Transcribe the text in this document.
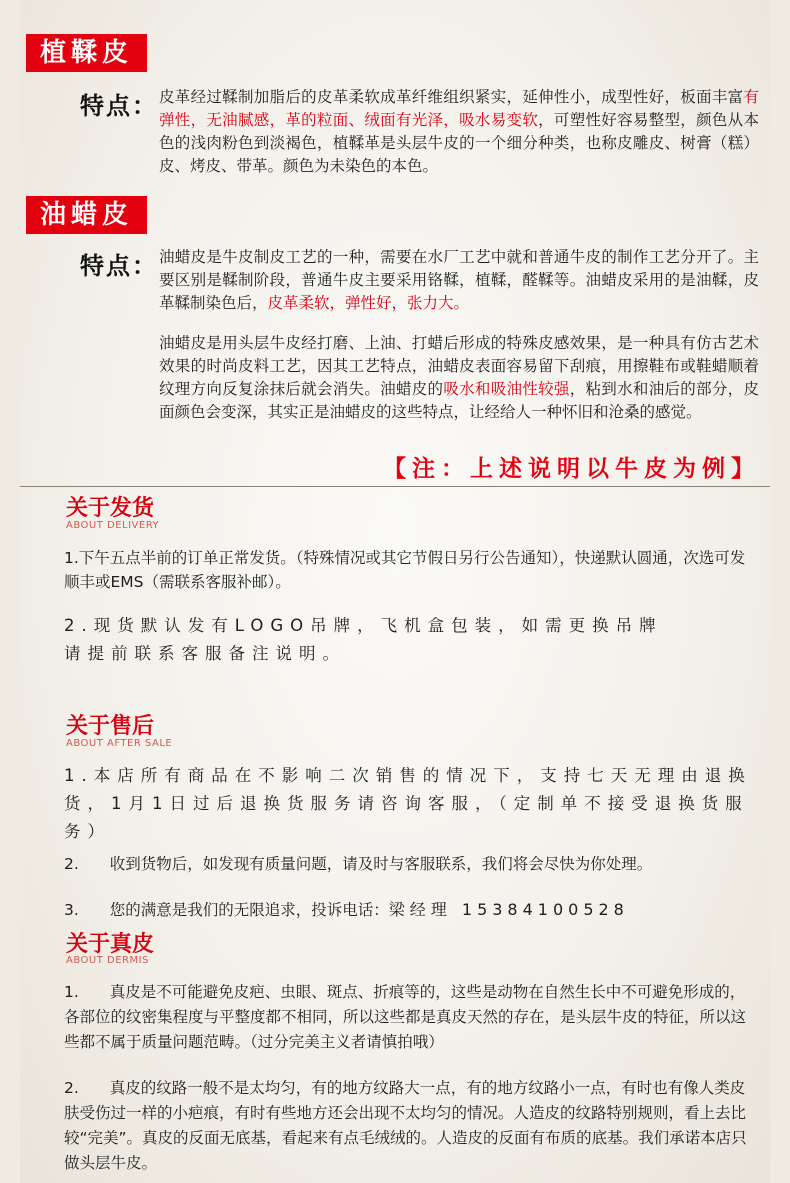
植鞣皮
特点： 皮革经过鞣制加脂后的皮革柔软成革纤维组织紧实，延伸性小，成型性好，板面丰富有弹性，无油腻感，革的粒面、绒面有光泽，吸水易变软，可塑性好容易整型，颜色从本色的浅肉粉色到淡褐色，植鞣革是头层牛皮的一个细分种类，也称皮雕皮、树膏（糕）皮、烤皮、带革。颜色为未染色的本色。

油蜡皮
特点： 油蜡皮是牛皮制皮工艺的一种，需要在水厂工艺中就和普通牛皮的制作工艺分开了。主要区别是鞣制阶段，普通牛皮主要采用铬鞣，植鞣，醛鞣等。油蜡皮采用的是油鞣，皮革鞣制染色后，皮革柔软，弹性好，张力大。

油蜡皮是用头层牛皮经打磨、上油、打蜡后形成的特殊皮感效果，是一种具有仿古艺术效果的时尚皮料工艺，因其工艺特点，油蜡皮表面容易留下刮痕，用擦鞋布或鞋蜡顺着纹理方向反复涂抹后就会消失。油蜡皮的吸水和吸油性较强，粘到水和油后的部分，皮面颜色会变深，其实正是油蜡皮的这些特点，让经给人一种怀旧和沧桑的感觉。

【注：上述说明以牛皮为例】
关于发货
ABOUT DELIVERY

1.下午五点半前的订单正常发货。（特殊情况或其它节假日另行公告通知），快递默认圆通，次选可发顺丰或EMS（需联系客服补邮）。

2.现货默认发有LOGO吊牌，飞机盒包装，如需更换吊牌请提前联系客服备注说明。

关于售后
ABOUT AFTER SALE

1.本店所有商品在不影响二次销售的情况下，支持七天无理由退换货，1月1日过后退换货服务请咨询客服，（定制单不接受退换货服务）

2.　　收到货物后，如发现有质量问题，请及时与客服联系，我们将会尽快为你处理。

3.　　您的满意是我们的无限追求，投诉电话：梁经理 15384100528

关于真皮
ABOUT DERMIS

1.　　真皮是不可能避免皮疤、虫眼、斑点、折痕等的，这些是动物在自然生长中不可避免形成的，各部位的纹密集程度与平整度都不相同，所以这些都是真皮天然的存在，是头层牛皮的特征，所以这些都不属于质量问题范畴。（过分完美主义者请慎拍哦）

2.　　真皮的纹路一般不是太均匀，有的地方纹路大一点，有的地方纹路小一点，有时也有像人类皮肤受伤过一样的小疤痕，有时有些地方还会出现不太均匀的情况。人造皮的纹路特别规则，看上去比较“完美”。真皮的反面无底基，看起来有点毛绒绒的。人造皮的反面有布质的底基。我们承诺本店只做头层牛皮。
